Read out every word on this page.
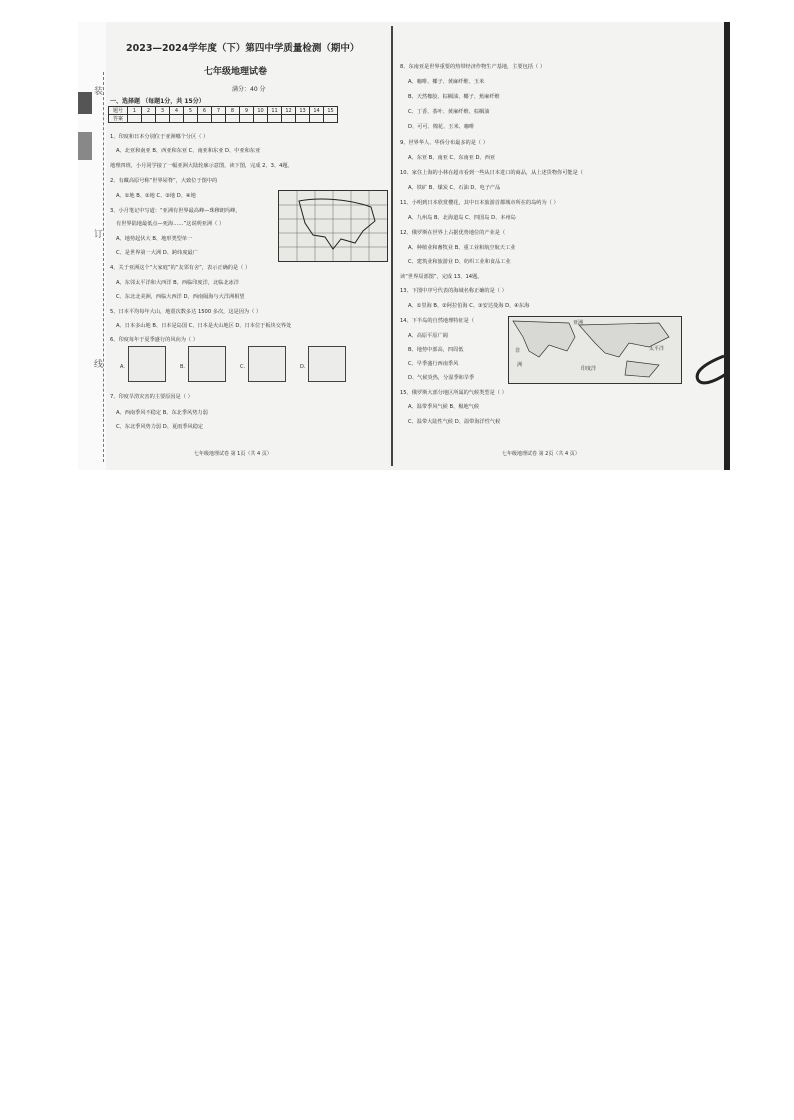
装
订
线
2023—2024学年度（下）第四中学质量检测（期中）
七年级地理试卷
满分：40 分
一、选择题 （每题1分，共 15分）
题号	1	2	3	4	5	6	7	8	9	10	11	12	13	14	15
答案															
1、印度和日本分别位于亚洲哪个分区（ ）
A、北亚和南亚 B、西亚和东亚 C、南亚和东亚 D、中亚和东亚
地理四班，小月同学接了一幅亚洲大陆轮廓示意图，读下图，完成 2、3、4题。
2、有藏高原号称“世界屋脊”，大致位于图中的
A、①地 B、②地 C、③地 D、④地
3、小月笔记中写道：“亚洲有世界最高峰—珠穆朗玛峰，
有世界陆地最低点—死海……”这说明亚洲（ ）
A、地势起伏大 B、地形类型单一
C、是世界第一大洲 D、跨纬度最广
4、关于亚洲这个“大家庭”的“友邻有舍”，表示正确的是（ ）
A、东邻太平洋和大西洋 B、西临印度洋，北临北冰洋
C、东北北美洲，西临大西洋 D、西南隔海与大洋洲相望
5、日本平均每年大山，地震次数多达 1500 多次，这是因为（ ）
A、日本多山地 B、日本是岛国 C、日本是火山地区 D、日本位于板块交界处
6、印度每年于夏季盛行的风向为（ ）
A.	B.	C.	D.
7、印度旱涝灾害的主要原因是（ ）
A、西南季风不稳定 B、东北季风势力弱
C、东北季风势力弱 D、夏雨季风稳定
七年级地理试卷 第 1页（共 4 页）
8、东南亚是世界重要的热带经济作物生产基地，主要包括（ ）
A、咖啡、椰子、黄麻纤维、玉米
B、天然橡胶、棕榈油、椰子、蕉麻纤维
C、丁香、茶叶、黄麻纤维、棕榈油
D、可可、棉花、玉米、咖啡
9、世界华人、华侨分布最多的是（ ）
A、东亚 B、南亚 C、东南亚 D、西亚
10、家住上海的小林在超市看到一些从日本进口的商品，从上述货物你可能是（
A、铁矿 B、煤炭 C、石油 D、电子产品
11、小明到日本欣赏樱花，其中日本旅游首都城市所在的岛屿为（ ）
A、九州岛 B、北海道岛 C、四国岛 D、本州岛
12、俄罗斯在世界上占据优势地位的产业是（
A、种植业和畜牧业 B、重工业和航空航天工业
C、建筑业和旅游业 D、纺织工业和食品工业
读“世界局部图”，完成 13、14题。
13、下图中序号代表的海域名称正确的是（ ）
A、①里海 B、②阿拉伯海 C、③安达曼海 D、④东海
14、下半岛的自然地理特征是（
A、高原平原广阔
B、地势中部高，四周低
C、早季盛行西南季风
D、气候炎热，分湿季和旱季
15、俄罗斯大部分地区所属的气候类型是（ ）
A、温带季风气候 B、极地气候
C、温带大陆性气候 D、温带海洋性气候
亚洲
非
洲
印度洋
太平洋
七年级地理试卷 第 2页（共 4 页）
